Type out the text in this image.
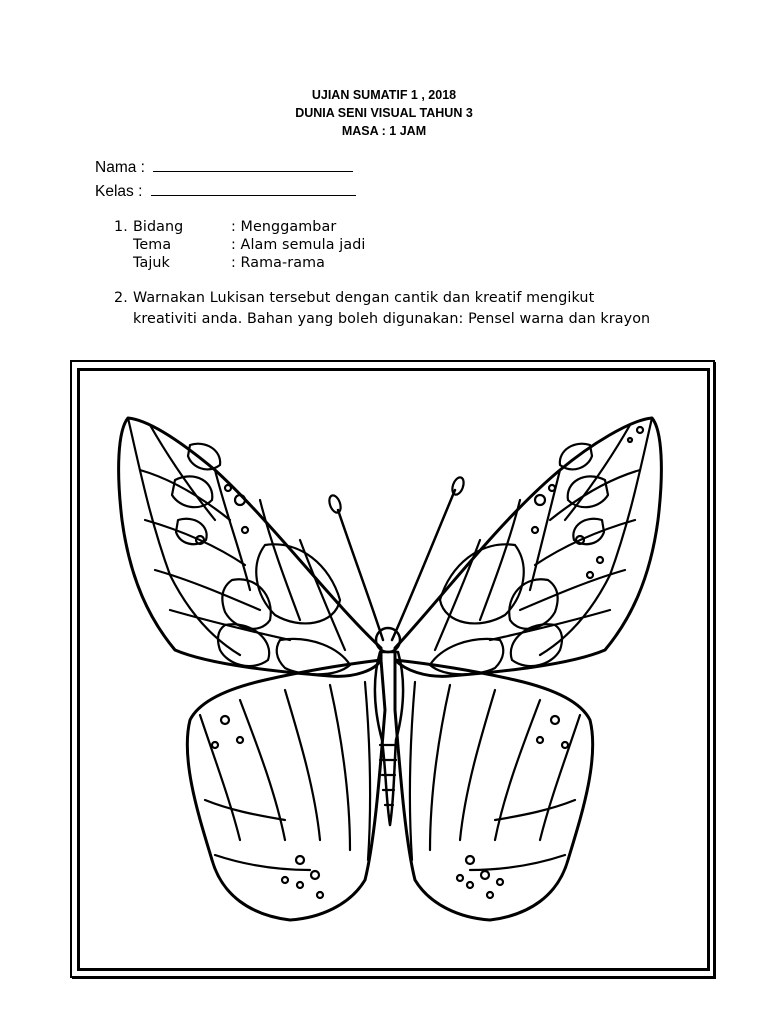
UJIAN SUMATIF 1 , 2018
DUNIA SENI VISUAL TAHUN 3
MASA : 1 JAM
Nama :
Kelas :
1. Bidang	: Menggambar
Tema	: Alam semula jadi
Tajuk	: Rama-rama
2. Warnakan Lukisan tersebut dengan cantik dan kreatif mengikut
kreativiti anda. Bahan yang boleh digunakan: Pensel warna dan krayon
